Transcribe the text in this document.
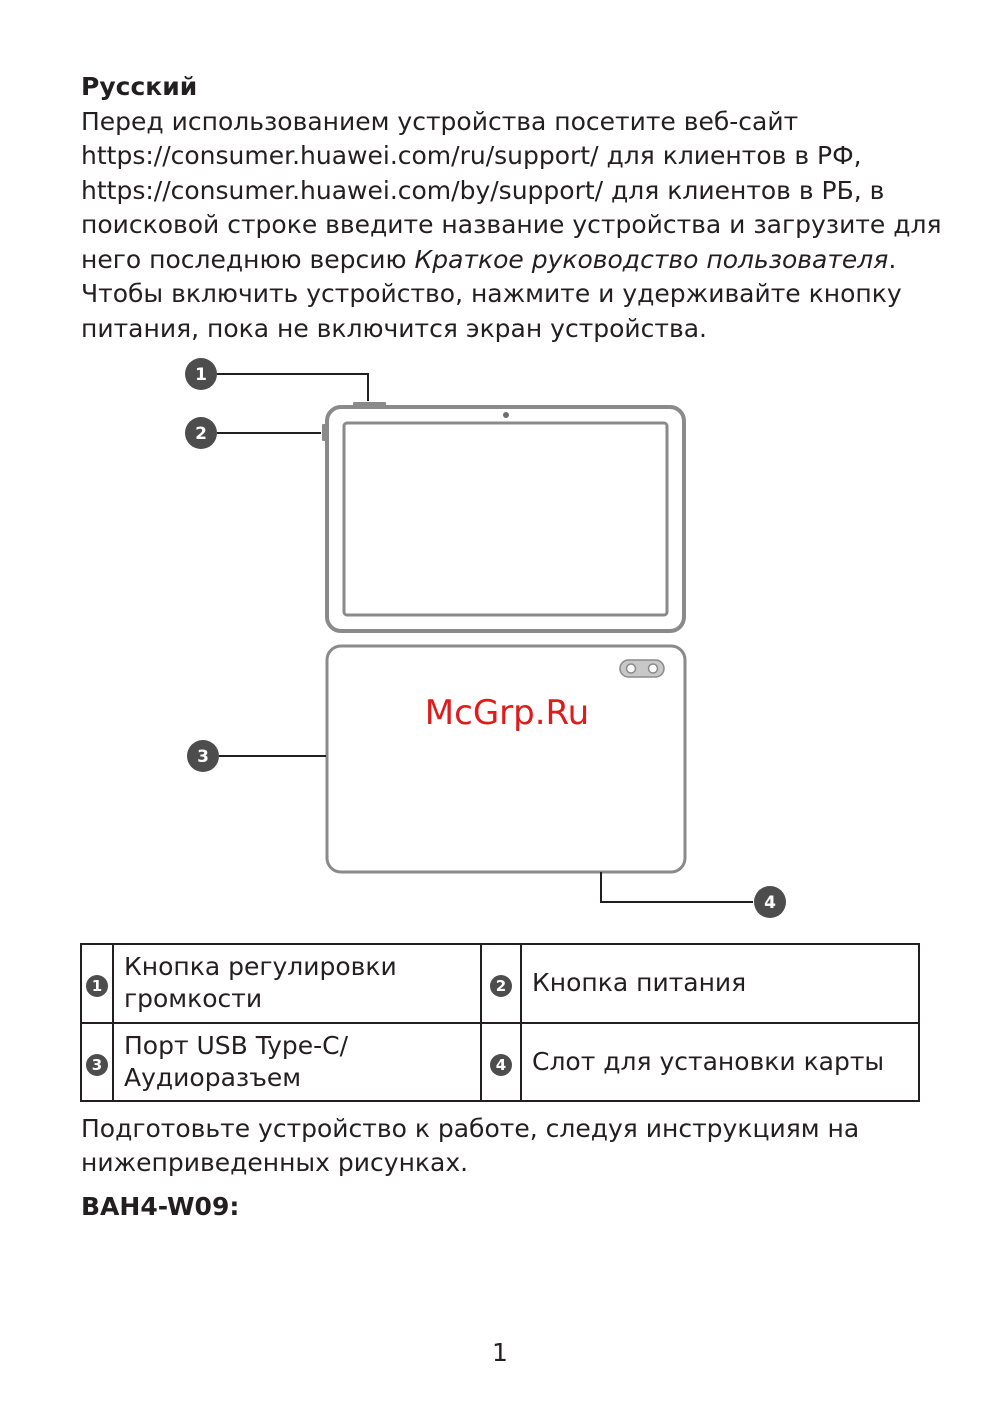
Русский
Перед использованием устройства посетите веб-сайт
https://consumer.huawei.com/ru/support/ для клиентов в РФ,
https://consumer.huawei.com/by/support/ для клиентов в РБ, в
поисковой строке введите название устройства и загрузите для
него последнюю версию Краткое руководство пользователя.
Чтобы включить устройство, нажмите и удерживайте кнопку
питания, пока не включится экран устройства.
McGrp.Ru
1
2
3
4
1	Кнопка регулировки
громкости	2	Кнопка питания

3	Порт USB Type-C/
Аудиоразъем	4	Слот для установки карты
Подготовьте устройство к работе, следуя инструкциям на
нижеприведенных рисунках.
BAH4-W09:
1
